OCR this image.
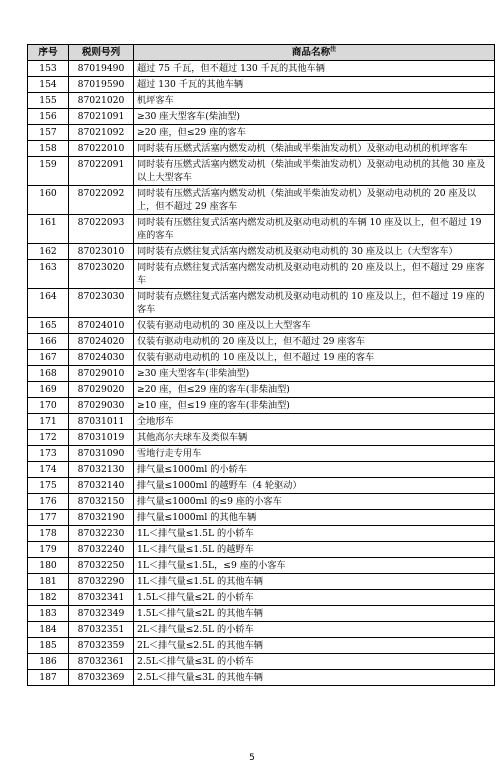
序号	税则号列	商品名称$^注$
153	87019490	超过 75 千瓦，但不超过 130 千瓦的其他车辆
154	87019590	超过 130 千瓦的其他车辆
155	87021020	机坪客车
156	87021091	≥30 座大型客车(柴油型)
157	87021092	≥20 座，但≤29 座的客车
158	87022010	同时装有压燃式活塞内燃发动机（柴油或半柴油发动机）及驱动电动机的机坪客车
159	87022091	同时装有压燃式活塞内燃发动机（柴油或半柴油发动机）及驱动电动机的其他 30 座及以上大型客车
160	87022092	同时装有压燃式活塞内燃发动机（柴油或半柴油发动机）及驱动电动机的 20 座及以上，但不超过 29 座客车
161	87022093	同时装有压燃往复式活塞内燃发动机及驱动电动机的车辆 10 座及以上，但不超过 19 座的客车
162	87023010	同时装有点燃往复式活塞内燃发动机及驱动电动机的 30 座及以上（大型客车）
163	87023020	同时装有点燃往复式活塞内燃发动机及驱动电动机的 20 座及以上，但不超过 29 座客车
164	87023030	同时装有点燃往复式活塞内燃发动机及驱动电动机的 10 座及以上，但不超过 19 座的客车
165	87024010	仅装有驱动电动机的 30 座及以上大型客车
166	87024020	仅装有驱动电动机的 20 座及以上，但不超过 29 座客车
167	87024030	仅装有驱动电动机的 10 座及以上，但不超过 19 座的客车
168	87029010	≥30 座大型客车(非柴油型)
169	87029020	≥20 座，但≤29 座的客车(非柴油型)
170	87029030	≥10 座，但≤19 座的客车(非柴油型)
171	87031011	全地形车
172	87031019	其他高尔夫球车及类似车辆
173	87031090	雪地行走专用车
174	87032130	排气量≤1000ml 的小轿车
175	87032140	排气量≤1000ml 的越野车（4 轮驱动）
176	87032150	排气量≤1000ml 的≤9 座的小客车
177	87032190	排气量≤1000ml 的其他车辆
178	87032230	1L＜排气量≤1.5L 的小轿车
179	87032240	1L＜排气量≤1.5L 的越野车
180	87032250	1L＜排气量≤1.5L，≤9 座的小客车
181	87032290	1L＜排气量≤1.5L 的其他车辆
182	87032341	1.5L＜排气量≤2L 的小轿车
183	87032349	1.5L＜排气量≤2L 的其他车辆
184	87032351	2L＜排气量≤2.5L 的小轿车
185	87032359	2L＜排气量≤2.5L 的其他车辆
186	87032361	2.5L＜排气量≤3L 的小轿车
187	87032369	2.5L＜排气量≤3L 的其他车辆
5
